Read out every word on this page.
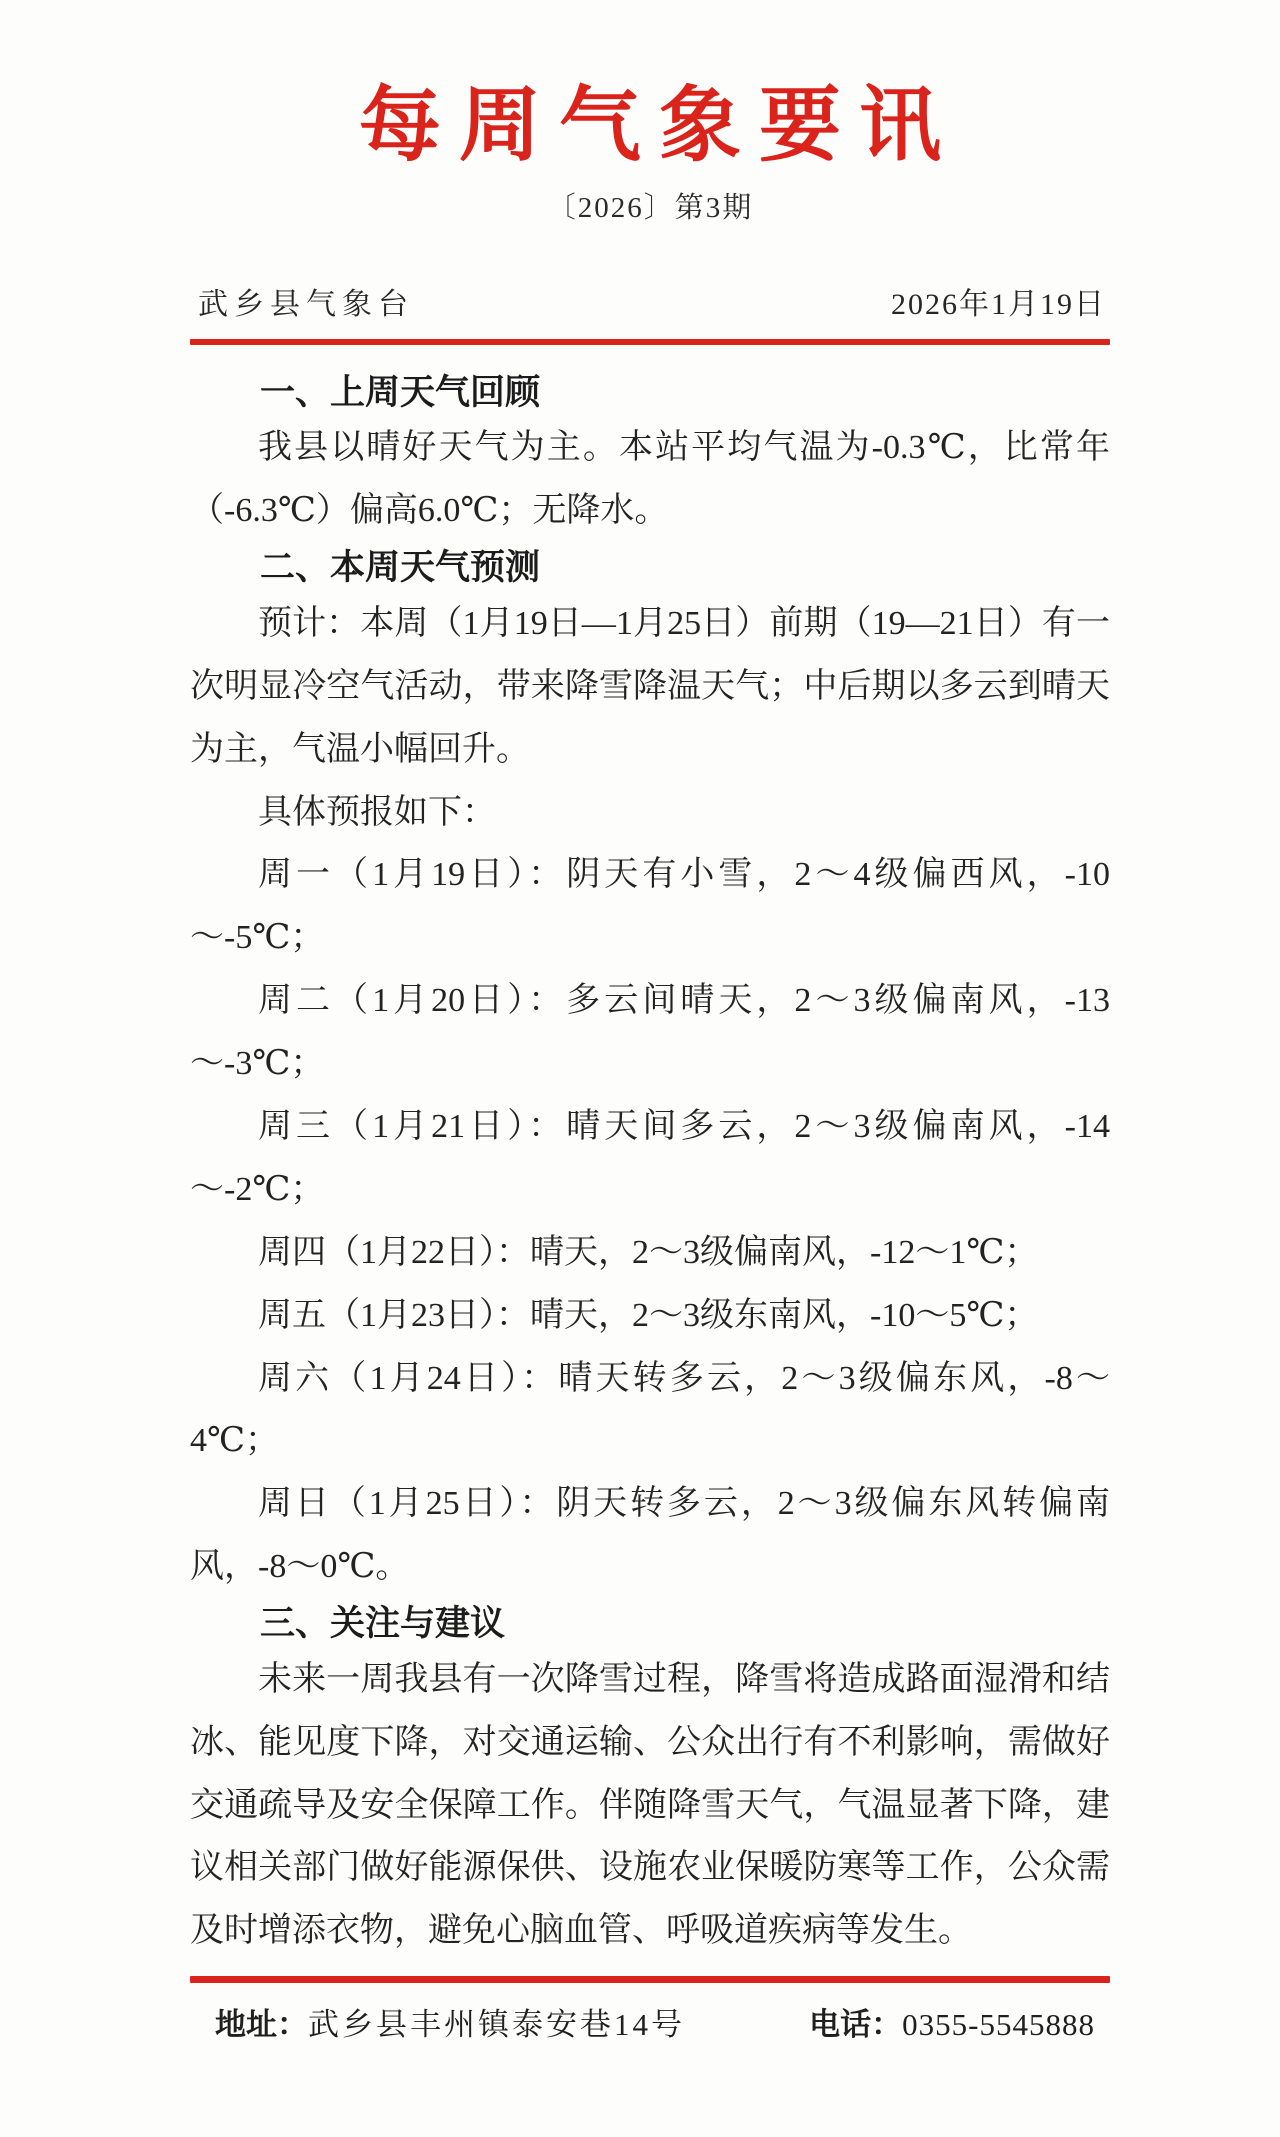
每周气象要讯
〔2026〕第3期
武乡县气象台	2026年1月19日
一、上周天气回顾

我县以晴好天气为主。本站平均气温为-0.3℃，比常年（-6.3℃）偏高6.0℃；无降水。

二、本周天气预测

预计：本周（1月19日—1月25日）前期（19—21日）有一次明显冷空气活动，带来降雪降温天气；中后期以多云到晴天为主，气温小幅回升。

具体预报如下：

周一（1月19日）：阴天有小雪，2～4级偏西风，-10～-5℃；

周二（1月20日）：多云间晴天，2～3级偏南风，-13～-3℃；

周三（1月21日）：晴天间多云，2～3级偏南风，-14～-2℃；

周四（1月22日）：晴天，2～3级偏南风，-12～1℃；

周五（1月23日）：晴天，2～3级东南风，-10～5℃；

周六（1月24日）：晴天转多云，2～3级偏东风，-8～4℃；

周日（1月25日）：阴天转多云，2～3级偏东风转偏南风，-8～0℃。

三、关注与建议

未来一周我县有一次降雪过程，降雪将造成路面湿滑和结冰、能见度下降，对交通运输、公众出行有不利影响，需做好交通疏导及安全保障工作。伴随降雪天气，气温显著下降，建议相关部门做好能源保供、设施农业保暖防寒等工作，公众需及时增添衣物，避免心脑血管、呼吸道疾病等发生。

地址：武乡县丰州镇泰安巷14号	电话：0355-5545888
